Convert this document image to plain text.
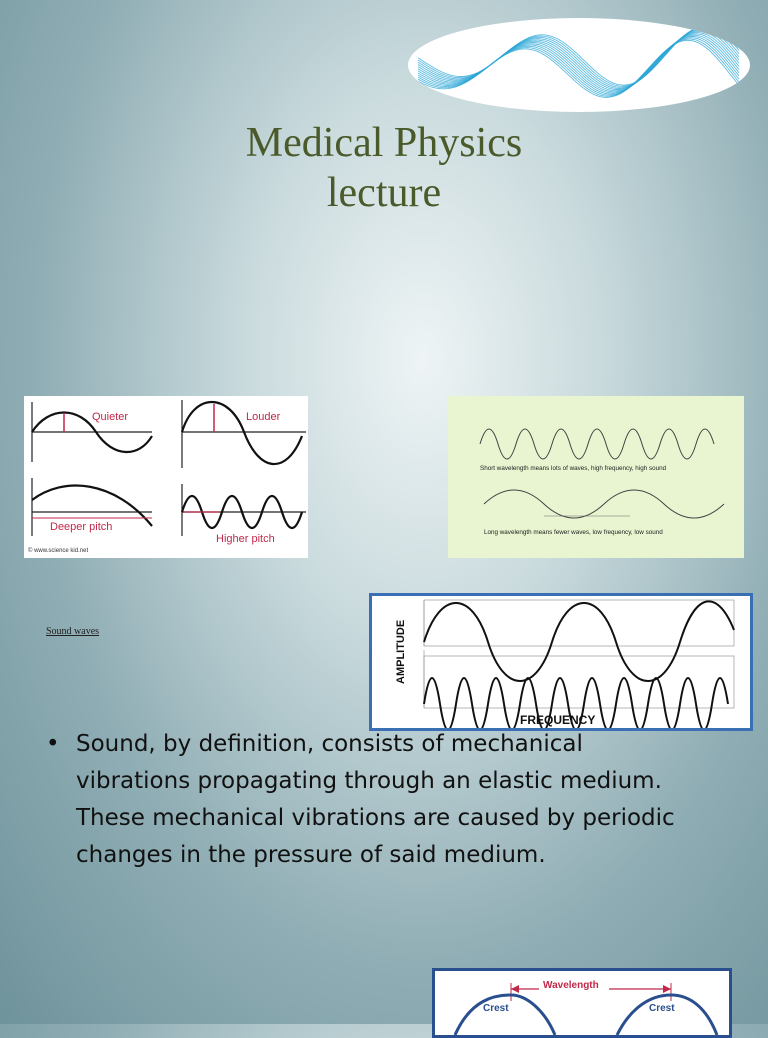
Medical Physics
lecture
Quieter	Louder
Deeper pitch
Higher pitch
© www.science kid.net
Short wavelength means lots of waves, high frequency, high sound
Long wavelength means fewer waves, low frequency, low sound
Sound waves	AMPLITUDE
FREQUENCY
• Sound, by definition, consists of mechanical vibrations propagating through an elastic medium. These mechanical vibrations are caused by periodic changes in the pressure of said medium.
Wavelength
Crest	Crest
